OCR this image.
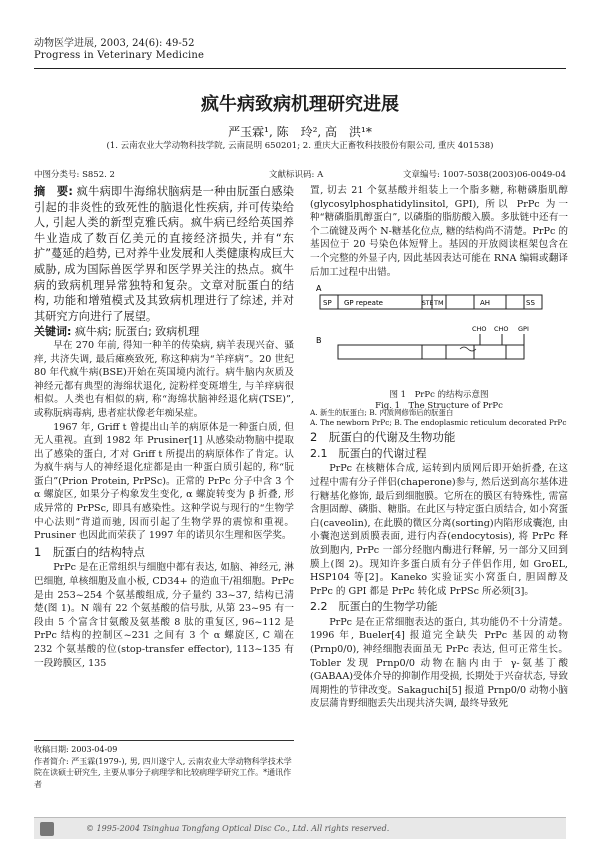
动物医学进展, 2003, 24(6): 49-52
Progress in Veterinary Medicine
疯牛病致病机理研究进展
严玉霖¹, 陈　玲², 高　洪¹*
(1. 云南农业大学动物科技学院, 云南昆明 650201; 2. 重庆大正畜牧科技股份有限公司, 重庆 401538)
中图分类号: S852. 2	文献标识码: A	文章编号: 1007-5038(2003)06-0049-04
摘　要: 疯牛病即牛海绵状脑病是一种由朊蛋白感染引起的非炎性的致死性的脑退化性疾病, 并可传染给人, 引起人类的新型克雅氏病。疯牛病已经给英国养牛业造成了数百亿美元的直接经济损失, 并有“东扩”蔓延的趋势, 已对养牛业发展和人类健康构成巨大威胁, 成为国际兽医学界和医学界关注的热点。疯牛病的致病机理异常独特和复杂。文章对朊蛋白的结构, 功能和增殖模式及其致病机理进行了综述, 并对其研究方向进行了展望。
关键词: 疯牛病; 朊蛋白; 致病机理

早在 270 年前, 得知一种羊的传染病, 病羊表现兴奋、骚痒, 共济失调, 最后瘫痪致死, 称这种病为“羊痒病”。20 世纪 80 年代疯牛病(BSE)开始在英国境内流行。病牛脑内灰质及神经元都有典型的海绵状退化, 淀粉样变斑增生, 与羊痒病很相似。人类也有相似的病, 称“海绵状脑神经退化病(TSE)”, 或称朊病毒病, 患者症状像老年痴呆症。

1967 年, Griff t 曾提出山羊的病原体是一种蛋白质, 但无人重视。直到 1982 年 Prusiner[1] 从感染动物脑中提取出了感染的蛋白, 才对 Griff t 所提出的病原体作了肯定。认为疯牛病与人的神经退化症都是由一种蛋白质引起的, 称“朊蛋白”(Prion Protein, PrPSc)。正常的 PrPc 分子中含 3 个 α 螺旋区, 如果分子构象发生变化, α 螺旋转变为 β 折叠, 形成异常的 PrPSc, 即具有感染性。这种学说与现行的“生物学中心法则”背道而驰, 因而引起了生物学界的震惊和重视。Prusiner 也因此而荣获了 1997 年的诺贝尔生理和医学奖。

1　朊蛋白的结构特点

PrPc 是在正常组织与细胞中都有表达, 如脑、神经元, 淋巴细胞, 单核细胞及血小板, CD34+ 的造血干/祖细胞。PrPc 是由 253~254 个氨基酸组成, 分子量约 33~37, 结构已清楚(图 1)。N 端有 22 个氨基酸的信号肽, 从第 23~95 有一段由 5 个富含甘氨酸及氨基酸 8 肽的重复区, 96~112 是 PrPc 结构的控制区~231 之间有 3 个 α 螺旋区, C 端在 232 个氨基酸的位(stop-transfer effector), 113~135 有一段跨膜区, 135

收稿日期: 2003-04-09
作者简介: 严玉霖(1979-), 男, 四川遂宁人, 云南农业大学动物科学技术学院在读硕士研究生, 主要从事分子病理学和比较病理学研究工作。*通讯作者

置, 切去 21 个氨基酸并组装上一个脂多糖, 称糖磷脂肌醇(glycosylphosphatidylinsitol, GPI), 所以 PrPc 为一种“糖磷脂肌醇蛋白”, 以磷脂的脂肪酸入膜。多肽链中还有一个二硫键及两个 N-糖基化位点, 糖的结构尚不清楚。PrPc 的基因位于 20 号染色体短臂上。基因的开放阅读框架包含在一个完整的外显子内, 因此基因表达可能在 RNA 编辑或翻译后加工过程中出错。

A
SP GP repeate	STE TM	AH	SS
B
CHO CHO GPI
图 1　PrPc 的结构示意图
Fig. 1　The Structure of PrPc
A. 新生的朊蛋白; B. 内质网修饰后的朊蛋白
A. The newborn PrPc; B. The endoplasmic reticulum decorated PrPc
2　朊蛋白的代谢及生物功能
2.1　朊蛋白的代谢过程

PrPc 在核糖体合成, 运转到内质网后即开始折叠, 在这过程中需有分子伴侣(chaperone)参与, 然后送到高尔基体进行糖基化修饰, 最后到细胞膜。它所在的膜区有特殊性, 需富含胆固醇、磷脂、糖脂。在此区与特定蛋白质结合, 如小窝蛋白(caveolin), 在此膜的微区分离(sorting)内陷形成囊泡, 由小囊泡送到质膜表面, 进行内吞(endocytosis), 将 PrPc 释放到胞内, PrPc 一部分经胞内酶进行释解, 另一部分又回到膜上(图 2)。现知许多蛋白质有分子伴侣作用, 如 GroEL, HSP104 等[2]。Kaneko 实验证实小窝蛋白, 胆固醇及 PrPc 的 GPI 都是 PrPc 转化成 PrPSc 所必须[3]。

2.2　朊蛋白的生物学功能

PrPc 是在正常细胞表达的蛋白, 其功能仍不十分清楚。1996 年, Bueler[4] 报道完全缺失 PrPc 基因的动物(Prnp0/0), 神经细胞表面虽无 PrPc 表达, 但可正常生长。Tobler 发现 Prnp0/0 动物在脑内由于 γ-氨基丁酸(GABAA)受体介导的抑制作用受损, 长期处于兴奋状态, 导致周期性的节律改变。Sakaguchi[5] 报道 Prnp0/0 动物小脑皮层蒲肯野细胞丢失出现共济失调, 最终导致死

© 1995-2004 Tsinghua Tongfang Optical Disc Co., Ltd. All rights reserved.
